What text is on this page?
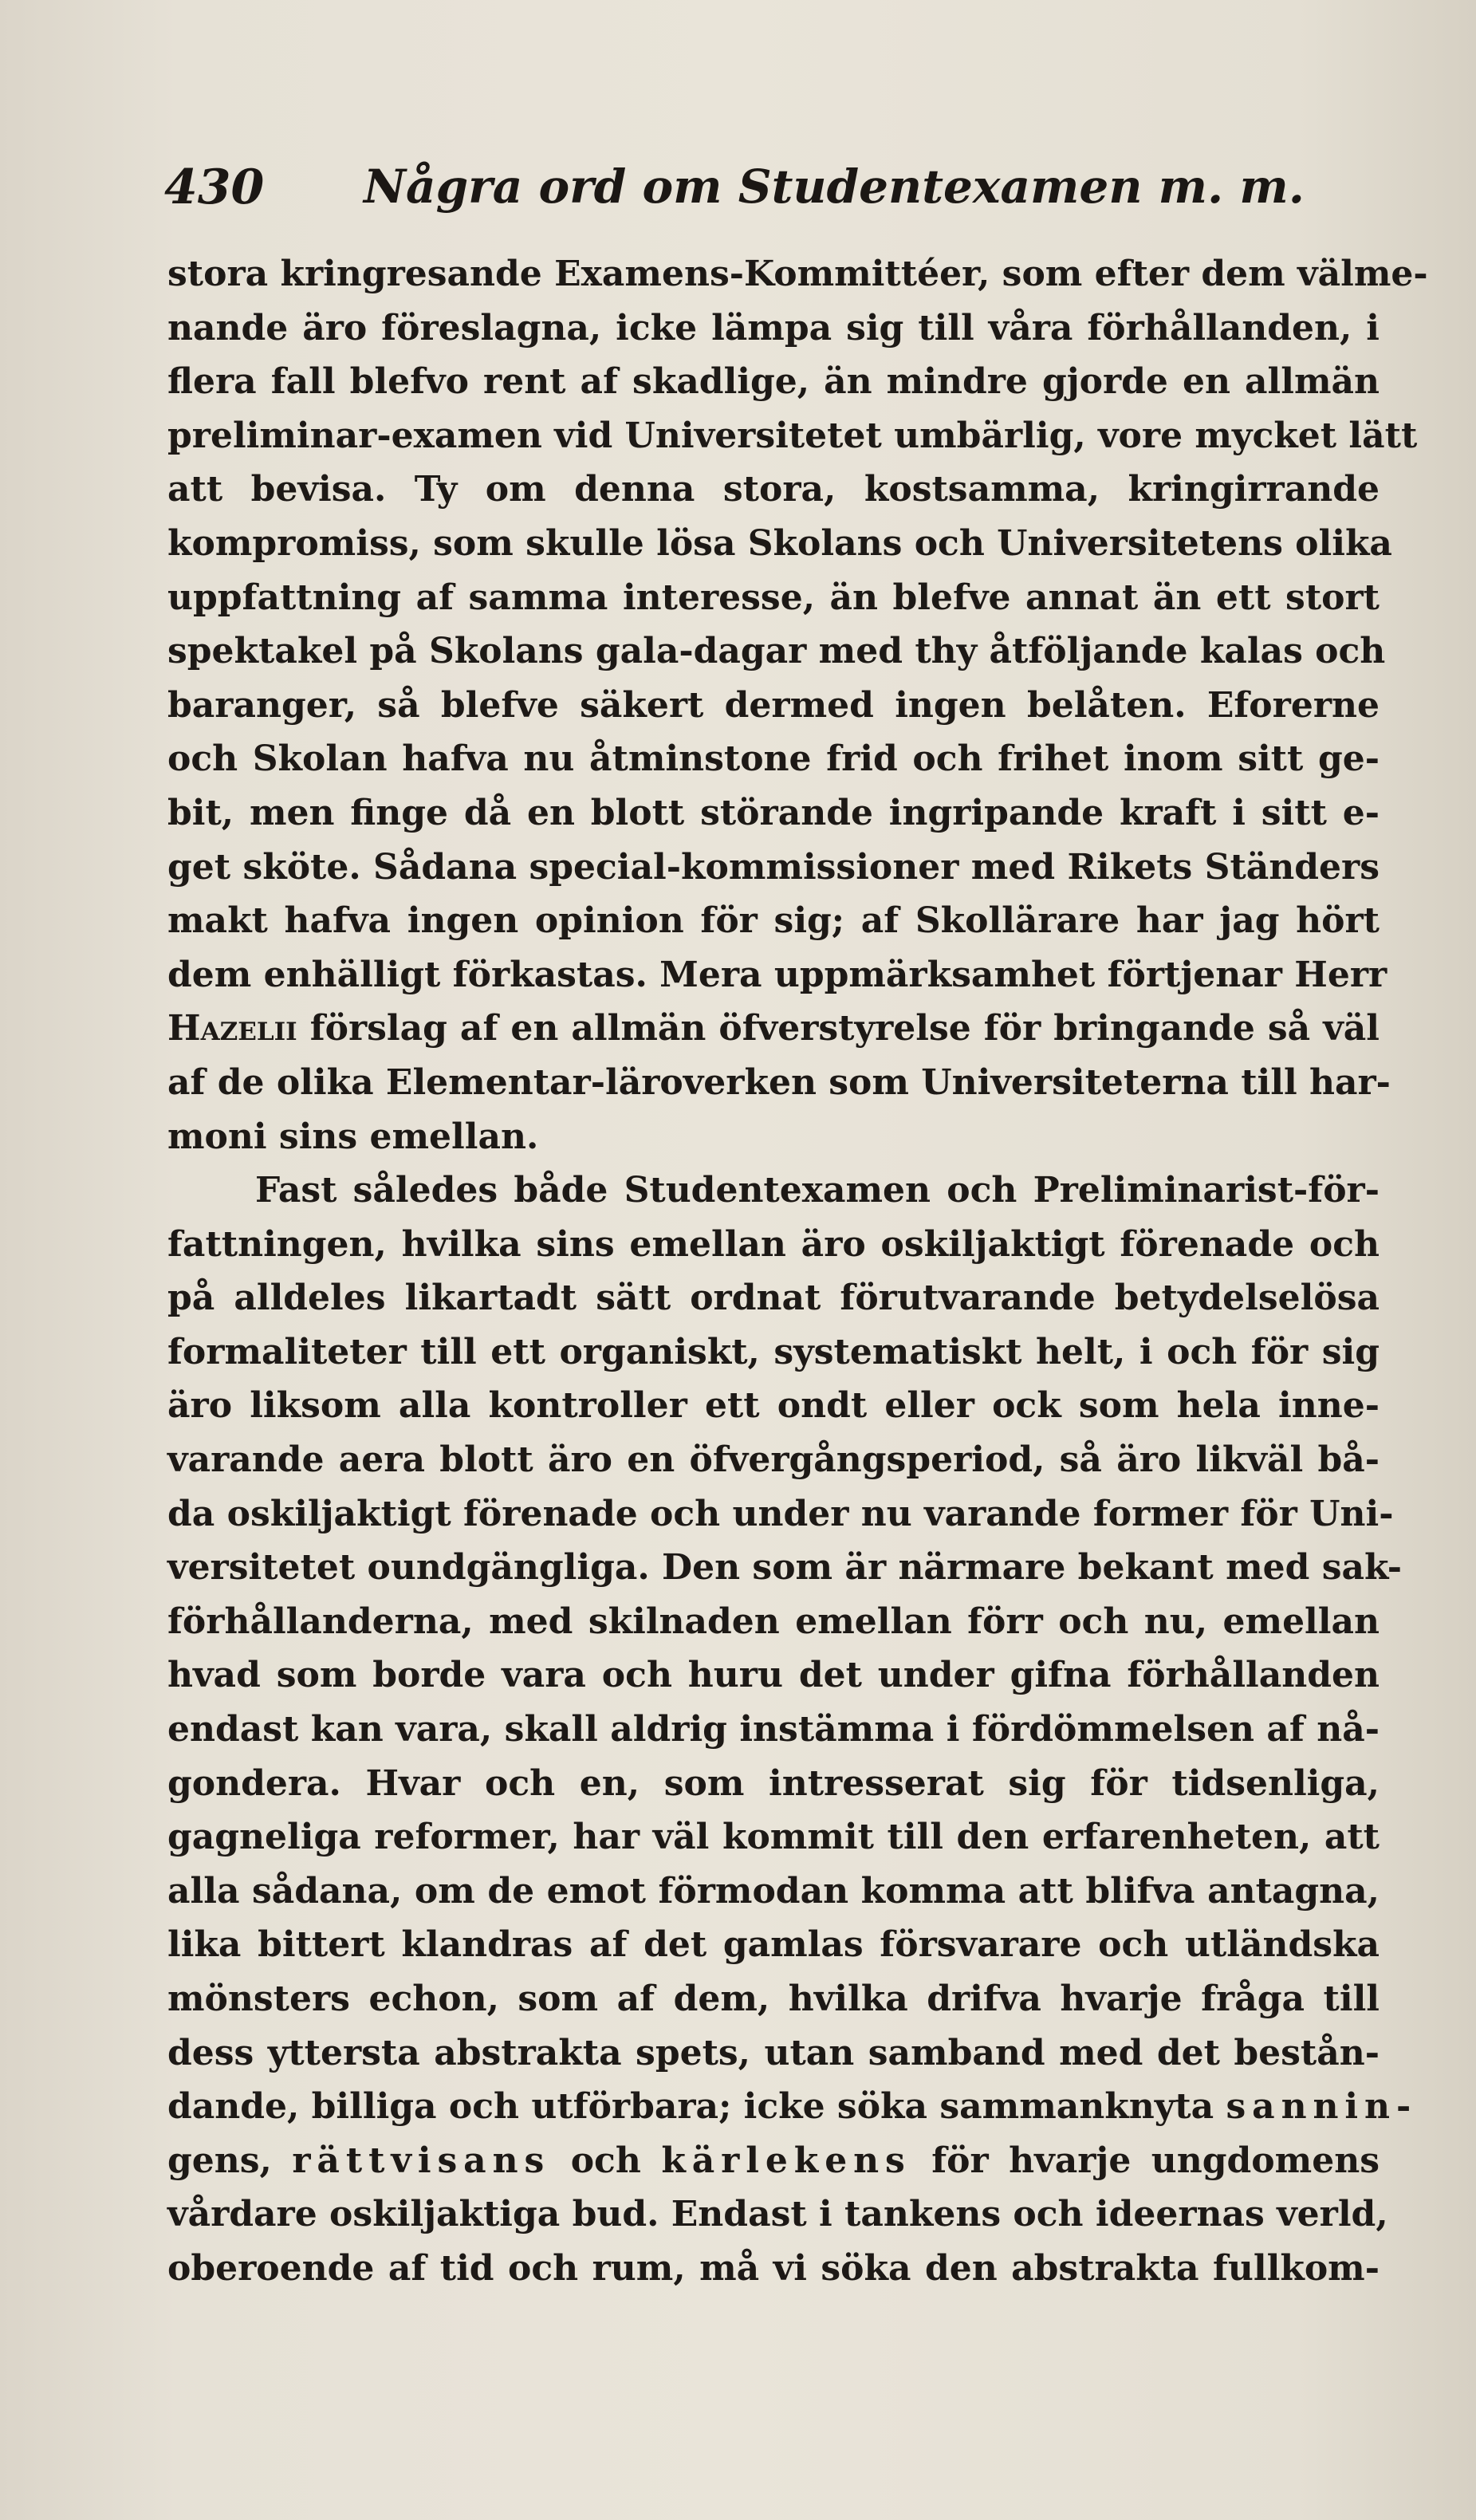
430 Några ord om Studentexamen m. m.
stora kringresande Examens-Kommittéer, som efter dem välme-
nande äro föreslagna, icke lämpa sig till våra förhållanden, i
flera fall blefvo rent af skadlige, än mindre gjorde en allmän
preliminar-examen vid Universitetet umbärlig, vore mycket lätt
att bevisa. Ty om denna stora, kostsamma, kringirrande
kompromiss, som skulle lösa Skolans och Universitetens olika
uppfattning af samma interesse, än blefve annat än ett stort
spektakel på Skolans gala-dagar med thy åtföljande kalas och
baranger, så blefve säkert dermed ingen belåten. Eforerne
och Skolan hafva nu åtminstone frid och frihet inom sitt ge-
bit, men finge då en blott störande ingripande kraft i sitt e-
get sköte. Sådana special-kommissioner med Rikets Ständers
makt hafva ingen opinion för sig; af Skollärare har jag hört
dem enhälligt förkastas. Mera uppmärksamhet förtjenar Herr
Hazelii förslag af en allmän öfverstyrelse för bringande så väl
af de olika Elementar-läroverken som Universiteterna till har-
moni sins emellan.
Fast således både Studentexamen och Preliminarist-för-
fattningen, hvilka sins emellan äro oskiljaktigt förenade och
på alldeles likartadt sätt ordnat förutvarande betydelselösa
formaliteter till ett organiskt, systematiskt helt, i och för sig
äro liksom alla kontroller ett ondt eller ock som hela inne-
varande aera blott äro en öfvergångsperiod, så äro likväl bå-
da oskiljaktigt förenade och under nu varande former för Uni-
versitetet oundgängliga. Den som är närmare bekant med sak-
förhållanderna, med skilnaden emellan förr och nu, emellan
hvad som borde vara och huru det under gifna förhållanden
endast kan vara, skall aldrig instämma i fördömmelsen af nå-
gondera. Hvar och en, som intresserat sig för tidsenliga,
gagneliga reformer, har väl kommit till den erfarenheten, att
alla sådana, om de emot förmodan komma att blifva antagna,
lika bittert klandras af det gamlas försvarare och utländska
mönsters echon, som af dem, hvilka drifva hvarje fråga till
dess yttersta abstrakta spets, utan samband med det bestån-
dande, billiga och utförbara; icke söka sammanknyta sannin-
gens, rättvisans och kärlekens för hvarje ungdomens
vårdare oskiljaktiga bud. Endast i tankens och ideernas verld,
oberoende af tid och rum, må vi söka den abstrakta fullkom-
